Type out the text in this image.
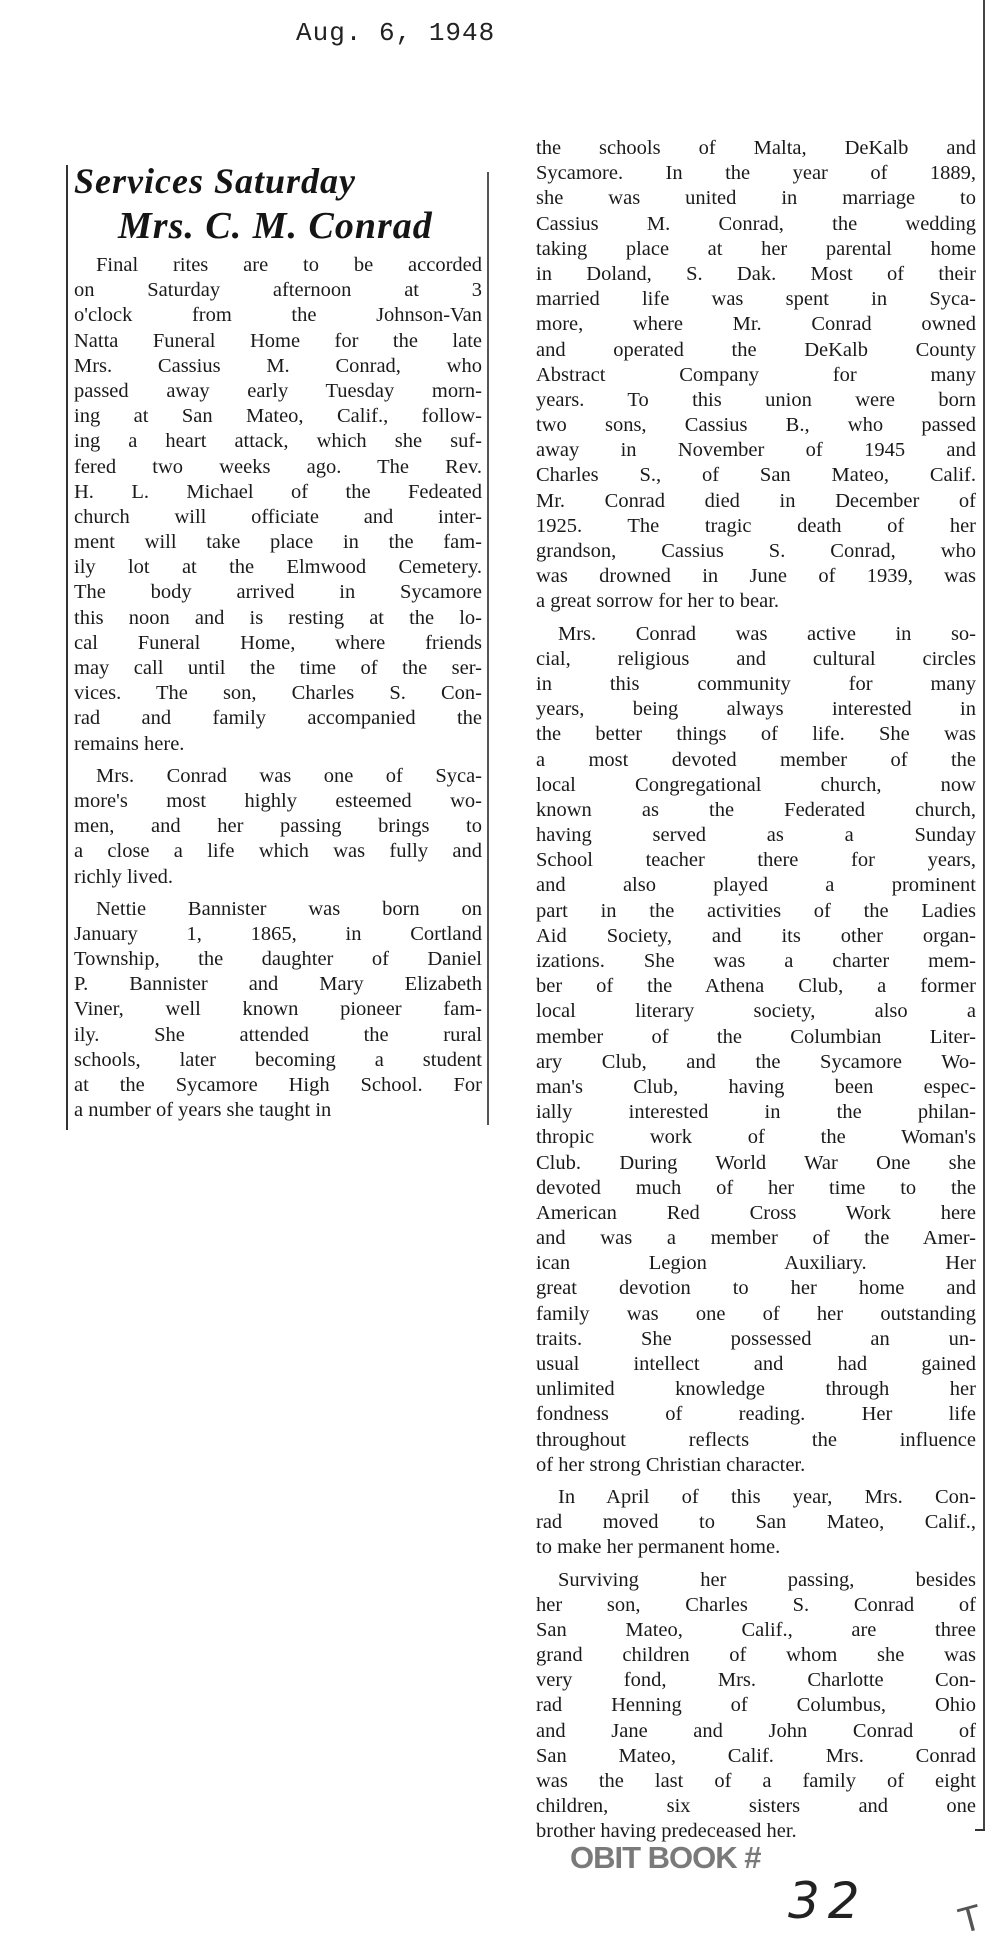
Aug. 6, 1948
Services Saturday
Mrs. C. M. Conrad
Final rites are to be accorded
on Saturday afternoon at 3
o'clock from the Johnson-Van
Natta Funeral Home for the late
Mrs. Cassius M. Conrad, who
passed away early Tuesday morn-
ing at San Mateo, Calif., follow-
ing a heart attack, which she suf-
fered two weeks ago. The Rev.
H. L. Michael of the Fedeated
church will officiate and inter-
ment will take place in the fam-
ily lot at the Elmwood Cemetery.
The body arrived in Sycamore
this noon and is resting at the lo-
cal Funeral Home, where friends
may call until the time of the ser-
vices. The son, Charles S. Con-
rad and family accompanied the
remains here.
Mrs. Conrad was one of Syca-
more's most highly esteemed wo-
men, and her passing brings to
a close a life which was fully and
richly lived.
Nettie Bannister was born on
January 1, 1865, in Cortland
Township, the daughter of Daniel
P. Bannister and Mary Elizabeth
Viner, well known pioneer fam-
ily. She attended the rural
schools, later becoming a student
at the Sycamore High School. For
a number of years she taught in
the schools of Malta, DeKalb and
Sycamore. In the year of 1889,
she was united in marriage to
Cassius M. Conrad, the wedding
taking place at her parental home
in Doland, S. Dak. Most of their
married life was spent in Syca-
more, where Mr. Conrad owned
and operated the DeKalb County
Abstract Company for many
years. To this union were born
two sons, Cassius B., who passed
away in November of 1945 and
Charles S., of San Mateo, Calif.
Mr. Conrad died in December of
1925. The tragic death of her
grandson, Cassius S. Conrad, who
was drowned in June of 1939, was
a great sorrow for her to bear.
Mrs. Conrad was active in so-
cial, religious and cultural circles
in this community for many
years, being always interested in
the better things of life. She was
a most devoted member of the
local Congregational church, now
known as the Federated church,
having served as a Sunday
School teacher there for years,
and also played a prominent
part in the activities of the Ladies
Aid Society, and its other organ-
izations. She was a charter mem-
ber of the Athena Club, a former
local literary society, also a
member of the Columbian Liter-
ary Club, and the Sycamore Wo-
man's Club, having been espec-
ially interested in the philan-
thropic work of the Woman's
Club. During World War One she
devoted much of her time to the
American Red Cross Work here
and was a member of the Amer-
ican Legion Auxiliary. Her
great devotion to her home and
family was one of her outstanding
traits. She possessed an un-
usual intellect and had gained
unlimited knowledge through her
fondness of reading. Her life
throughout reflects the influence
of her strong Christian character.
In April of this year, Mrs. Con-
rad moved to San Mateo, Calif.,
to make her permanent home.
Surviving her passing, besides
her son, Charles S. Conrad of
San Mateo, Calif., are three
grand children of whom she was
very fond, Mrs. Charlotte Con-
rad Henning of Columbus, Ohio
and Jane and John Conrad of
San Mateo, Calif. Mrs. Conrad
was the last of a family of eight
children, six sisters and one
brother having predeceased her.
OBIT BOOK #
32	T
